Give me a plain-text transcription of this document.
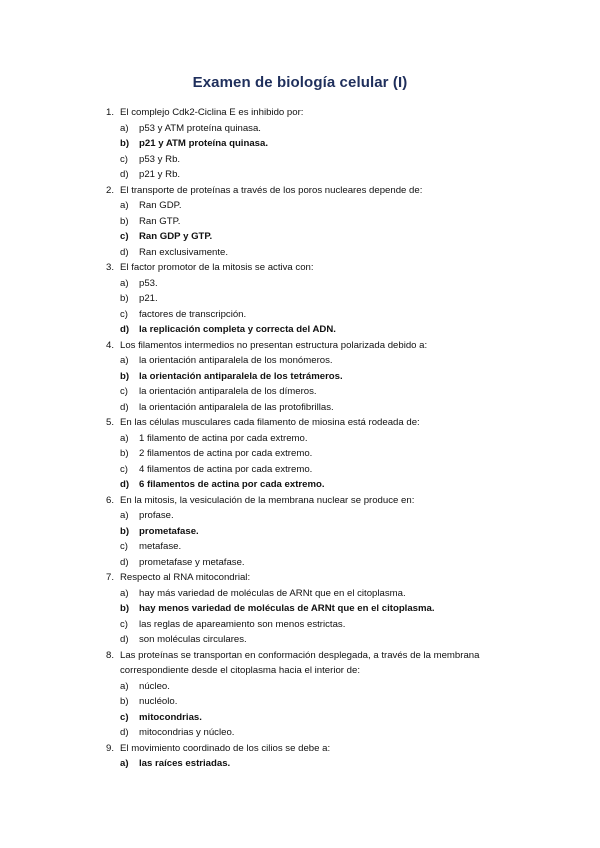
Examen de biología celular (I)
1. El complejo Cdk2-Ciclina E es inhibido por:
a)	p53 y ATM proteína quinasa.
b)	p21 y ATM proteína quinasa.
c)	p53 y Rb.
d)	p21 y Rb.
2. El transporte de proteínas a través de los poros nucleares depende de:
a)	Ran GDP.
b)	Ran GTP.
c)	Ran GDP y GTP.
d)	Ran exclusivamente.
3. El factor promotor de la mitosis se activa con:
a)	p53.
b)	p21.
c)	factores de transcripción.
d)	la replicación completa y correcta del ADN.
4. Los filamentos intermedios no presentan estructura polarizada debido a:
a)	la orientación antiparalela de los monómeros.
b)	la orientación antiparalela de los tetrámeros.
c)	la orientación antiparalela de los dímeros.
d)	la orientación antiparalela de las protofibrillas.
5. En las células musculares cada filamento de miosina está rodeada de:
a)	1 filamento de actina por cada extremo.
b)	2 filamentos de actina por cada extremo.
c)	4 filamentos de actina por cada extremo.
d)	6 filamentos de actina por cada extremo.
6. En la mitosis, la vesiculación de la membrana nuclear se produce en:
a)	profase.
b)	prometafase.
c)	metafase.
d)	prometafase y metafase.
7. Respecto al RNA mitocondrial:
a)	hay más variedad de moléculas de ARNt que en el citoplasma.
b)	hay menos variedad de moléculas de ARNt que en el citoplasma.
c)	las reglas de apareamiento son menos estrictas.
d)	son moléculas circulares.
8. Las proteínas se transportan en conformación desplegada, a través de la membrana correspondiente desde el citoplasma hacia el interior de:
a)	núcleo.
b)	nucléolo.
c)	mitocondrias.
d)	mitocondrias y núcleo.
9. El movimiento coordinado de los cilios se debe a:
a)	las raíces estriadas.
